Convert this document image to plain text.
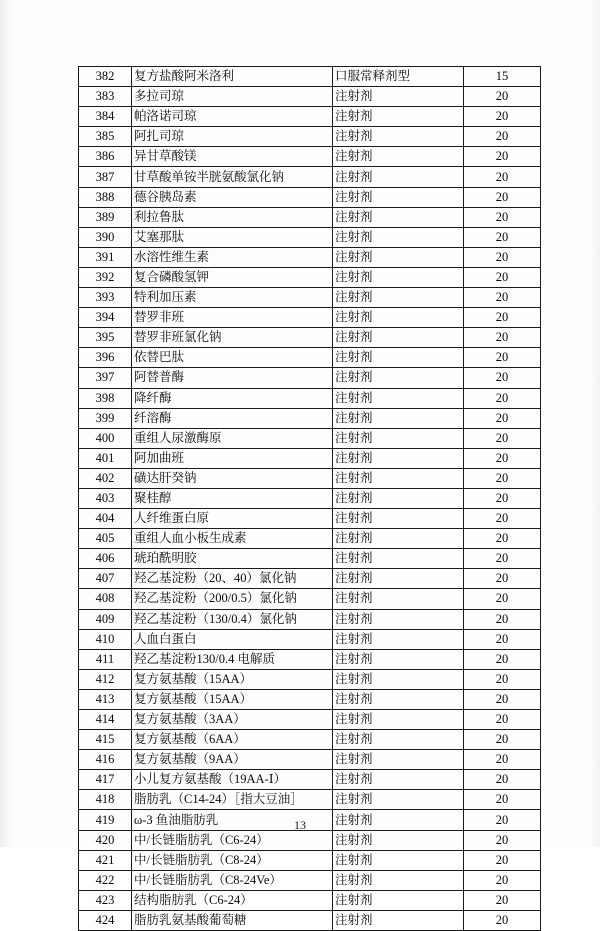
382	复方盐酸阿米洛利	口服常释剂型	15
383	多拉司琼	注射剂	20
384	帕洛诺司琼	注射剂	20
385	阿扎司琼	注射剂	20
386	异甘草酸镁	注射剂	20
387	甘草酸单铵半胱氨酸氯化钠	注射剂	20
388	德谷胰岛素	注射剂	20
389	利拉鲁肽	注射剂	20
390	艾塞那肽	注射剂	20
391	水溶性维生素	注射剂	20
392	复合磷酸氢钾	注射剂	20
393	特利加压素	注射剂	20
394	替罗非班	注射剂	20
395	替罗非班氯化钠	注射剂	20
396	依替巴肽	注射剂	20
397	阿替普酶	注射剂	20
398	降纤酶	注射剂	20
399	纤溶酶	注射剂	20
400	重组人尿激酶原	注射剂	20
401	阿加曲班	注射剂	20
402	磺达肝癸钠	注射剂	20
403	聚桂醇	注射剂	20
404	人纤维蛋白原	注射剂	20
405	重组人血小板生成素	注射剂	20
406	琥珀酰明胶	注射剂	20
407	羟乙基淀粉（20、40）氯化钠	注射剂	20
408	羟乙基淀粉（200/0.5）氯化钠	注射剂	20
409	羟乙基淀粉（130/0.4）氯化钠	注射剂	20
410	人血白蛋白	注射剂	20
411	羟乙基淀粉130/0.4 电解质	注射剂	20
412	复方氨基酸（15AA）	注射剂	20
413	复方氨基酸（15AA）	注射剂	20
414	复方氨基酸（3AA）	注射剂	20
415	复方氨基酸（6AA）	注射剂	20
416	复方氨基酸（9AA）	注射剂	20
417	小儿复方氨基酸（19AA-Ⅰ）	注射剂	20
418	脂肪乳（C14-24）［指大豆油］	注射剂	20
419	ω-3 鱼油脂肪乳	注射剂	20
420	中/长链脂肪乳（C6-24）	注射剂	20
421	中/长链脂肪乳（C8-24）	注射剂	20
422	中/长链脂肪乳（C8-24Ve）	注射剂	20
423	结构脂肪乳（C6-24）	注射剂	20
424	脂肪乳氨基酸葡萄糖	注射剂	20
13
